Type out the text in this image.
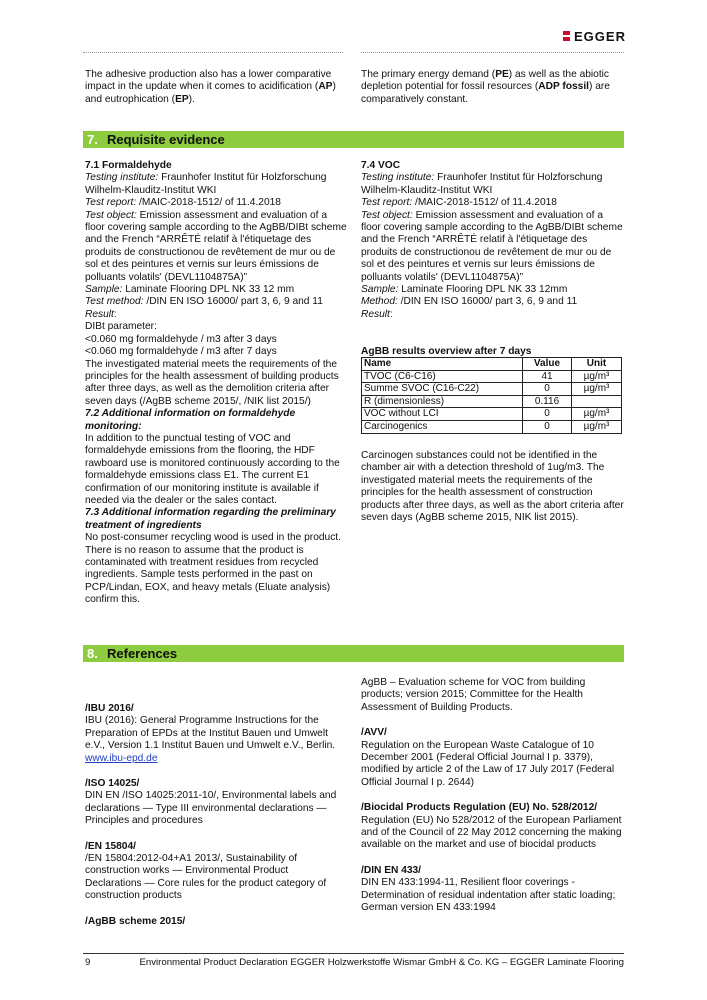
EGGER
The adhesive production also has a lower comparative impact in the update when it comes to acidification (AP) and eutrophication (EP).
The primary energy demand (PE) as well as the abiotic depletion potential for fossil resources (ADP fossil) are comparatively constant.
7. Requisite evidence

7.1 Formaldehyde

Testing institute: Fraunhofer Institut für Holzforschung Wilhelm-Klauditz-Institut WKI

Test report: /MAIC-2018-1512/ of 11.4.2018

Test object: Emission assessment and evaluation of a floor covering sample according to the AgBB/DIBt scheme and the French “ARRÊTÉ relatif à l'étiquetage des produits de constructionou de revêtement de mur ou de sol et des peintures et vernis sur leurs émissions de polluants volatils' (DEVL1104875A)”

Sample: Laminate Flooring DPL NK 33 12 mm

Test method: /DIN EN ISO 16000/ part 3, 6, 9 and 11

Result:

DIBt parameter:

<0.060 mg formaldehyde / m3 after 3 days

<0.060 mg formaldehyde / m3 after 7 days

The investigated material meets the requirements of the principles for the health assessment of building products after three days, as well as the demolition criteria after seven days (/AgBB scheme 2015/, /NIK list 2015/)

7.2 Additional information on formaldehyde monitoring:

In addition to the punctual testing of VOC and formaldehyde emissions from the flooring, the HDF rawboard use is monitored continuously according to the formaldehyde emissions class E1. The current E1 confirmation of our monitoring institute is available if needed via the dealer or the sales contact.

7.3 Additional information regarding the preliminary treatment of ingredients

No post-consumer recycling wood is used in the product. There is no reason to assume that the product is contaminated with treatment residues from recycled ingredients. Sample tests performed in the past on PCP/Lindan, EOX, and heavy metals (Eluate analysis) confirm this.

7.4 VOC

Testing institute: Fraunhofer Institut für Holzforschung Wilhelm-Klauditz-Institut WKI

Test report: /MAIC-2018-1512/ of 11.4.2018

Test object: Emission assessment and evaluation of a floor covering sample according to the AgBB/DIBt scheme and the French “ARRÊTÉ relatif à l'étiquetage des produits de constructionou de revêtement de mur ou de sol et des peintures et vernis sur leurs émissions de polluants volatils' (DEVL1104875A)”

Sample: Laminate Flooring DPL NK 33 12mm

Method: /DIN EN ISO 16000/ part 3, 6, 9 and 11

Result:

AgBB results overview after 7 days
Name	Value	Unit
TVOC (C6-C16)	41	µg/m³
Summe SVOC (C16-C22)	0	µg/m³
R (dimensionless)	0.116	
VOC without LCI	0	µg/m³
Carcinogenics	0	µg/m³
Carcinogen substances could not be identified in the chamber air with a detection threshold of 1ug/m3. The investigated material meets the requirements of the principles for the health assessment of construction products after three days, as well as the abort criteria after seven days (AgBB scheme 2015, NIK list 2015).
8. References

/IBU 2016/

IBU (2016): General Programme Instructions for the Preparation of EPDs at the Institut Bauen und Umwelt e.V., Version 1.1 Institut Bauen und Umwelt e.V., Berlin.

www.ibu-epd.de

/ISO 14025/

DIN EN /ISO 14025:2011-10/, Environmental labels and declarations — Type III environmental declarations — Principles and procedures

/EN 15804/

/EN 15804:2012-04+A1 2013/, Sustainability of construction works — Environmental Product Declarations — Core rules for the product category of construction products

/AgBB scheme 2015/

AgBB – Evaluation scheme for VOC from building products; version 2015; Committee for the Health Assessment of Building Products.

/AVV/

Regulation on the European Waste Catalogue of 10 December 2001 (Federal Official Journal I p. 3379), modified by article 2 of the Law of 17 July 2017 (Federal Official Journal I p. 2644)

/Biocidal Products Regulation (EU) No. 528/2012/

Regulation (EU) No 528/2012 of the European Parliament and of the Council of 22 May 2012 concerning the making available on the market and use of biocidal products

/DIN EN 433/

DIN EN 433:1994-11, Resilient floor coverings - Determination of residual indentation after static loading; German version EN 433:1994

9	Environmental Product Declaration EGGER Holzwerkstoffe Wismar GmbH & Co. KG – EGGER Laminate Flooring
